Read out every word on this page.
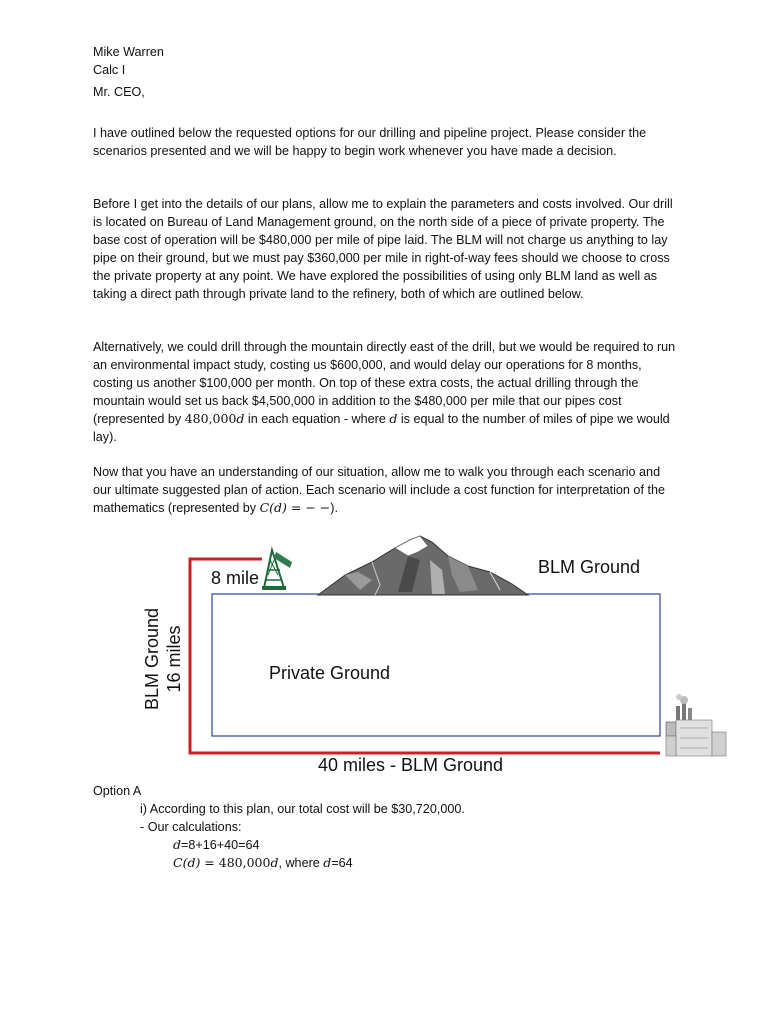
Mike Warren

Calc I

Mr. CEO,

I have outlined below the requested options for our drilling and pipeline project. Please consider the scenarios presented and we will be happy to begin work whenever you have made a decision.

Before I get into the details of our plans, allow me to explain the parameters and costs involved. Our drill is located on Bureau of Land Management ground, on the north side of a piece of private property. The base cost of operation will be $480,000 per mile of pipe laid. The BLM will not charge us anything to lay pipe on their ground, but we must pay $360,000 per mile in right-of-way fees should we choose to cross the private property at any point. We have explored the possibilities of using only BLM land as well as taking a direct path through private land to the refinery, both of which are outlined below.

Alternatively, we could drill through the mountain directly east of the drill, but we would be required to run an environmental impact study, costing us $600,000, and would delay our operations for 8 months, costing us another $100,000 per month. On top of these extra costs, the actual drilling through the mountain would set us back $4,500,000 in addition to the $480,000 per mile that our pipes cost (represented by 480,000d in each equation - where d is equal to the number of miles of pipe we would lay).

Now that you have an understanding of our situation, allow me to walk you through each scenario and our ultimate suggested plan of action. Each scenario will include a cost function for interpretation of the mathematics (represented by C(d) = − −).

8 mile
BLM Ground
Private Ground
40 miles - BLM Ground
BLM Ground 16 miles

Option A

i) According to this plan, our total cost will be $30,720,000.

- Our calculations:

d=8+16+40=64

C(d) = 480,000d, where d=64
